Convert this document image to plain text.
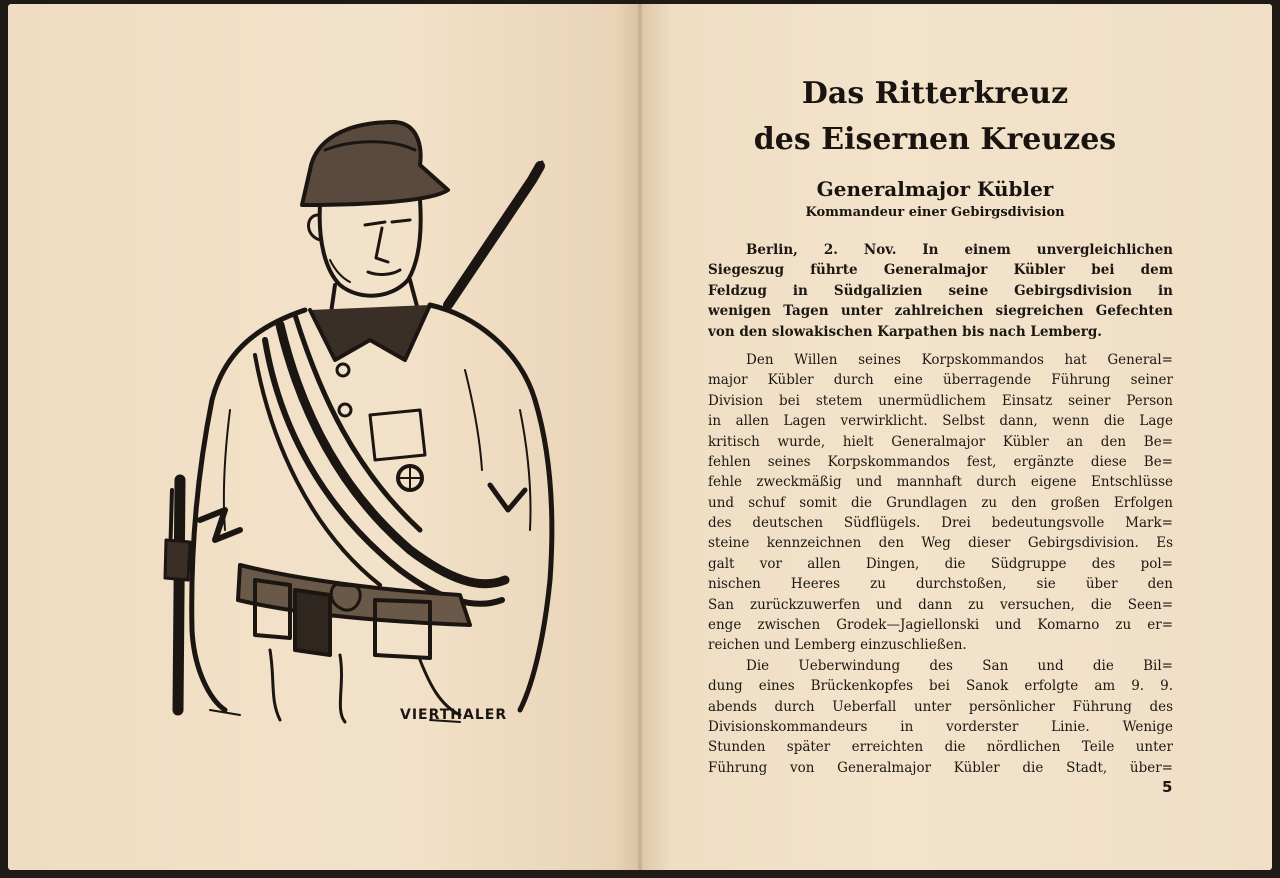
VIERTHALER
Das Ritterkreuz
des Eisernen Kreuzes
Generalmajor Kübler
Kommandeur einer Gebirgsdivision
Berlin, 2. Nov. In einem unvergleichlichen
Siegeszug führte Generalmajor Kübler bei dem
Feldzug in Südgalizien seine Gebirgsdivision in
wenigen Tagen unter zahlreichen siegreichen Gefechten
von den slowakischen Karpathen bis nach Lemberg.
Den Willen seines Korpskommandos hat General=
major Kübler durch eine überragende Führung seiner
Division bei stetem unermüdlichem Einsatz seiner Person
in allen Lagen verwirklicht. Selbst dann, wenn die Lage
kritisch wurde, hielt Generalmajor Kübler an den Be=
fehlen seines Korpskommandos fest, ergänzte diese Be=
fehle zweckmäßig und mannhaft durch eigene Entschlüsse
und schuf somit die Grundlagen zu den großen Erfolgen
des deutschen Südflügels. Drei bedeutungsvolle Mark=
steine kennzeichnen den Weg dieser Gebirgsdivision. Es
galt vor allen Dingen, die Südgruppe des pol=
nischen Heeres zu durchstoßen, sie über den
San zurückzuwerfen und dann zu versuchen, die Seen=
enge zwischen Grodek—Jagiellonski und Komarno zu er=
reichen und Lemberg einzuschließen.
Die Ueberwindung des San und die Bil=
dung eines Brückenkopfes bei Sanok erfolgte am 9. 9.
abends durch Ueberfall unter persönlicher Führung des
Divisionskommandeurs in vorderster Linie. Wenige
Stunden später erreichten die nördlichen Teile unter
Führung von Generalmajor Kübler die Stadt, über=
5
